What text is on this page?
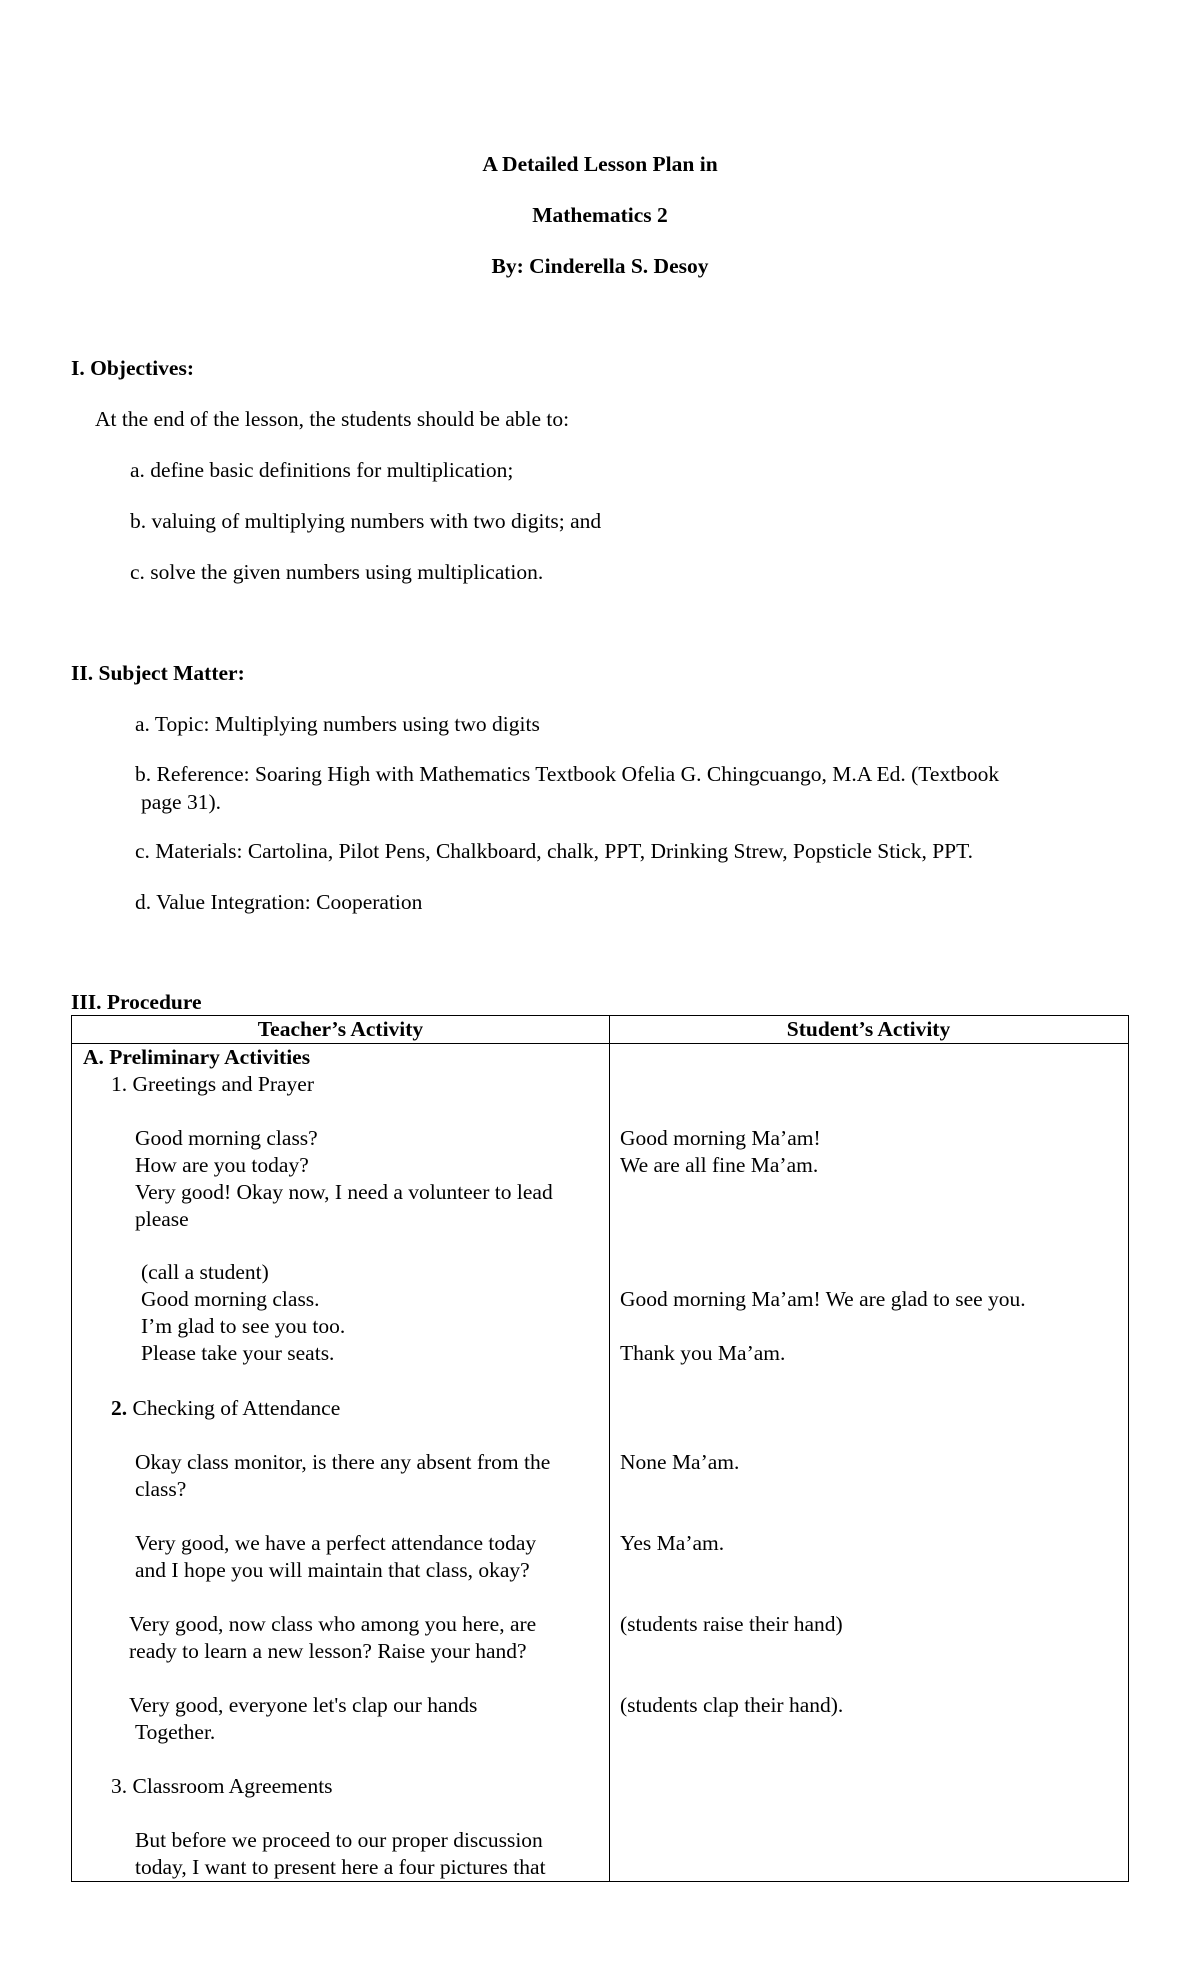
A Detailed Lesson Plan in
Mathematics 2
By: Cinderella S. Desoy
I. Objectives:
At the end of the lesson, the students should be able to:
a. define basic definitions for multiplication;
b. valuing of multiplying numbers with two digits; and
c. solve the given numbers using multiplication.
II. Subject Matter:
a. Topic: Multiplying numbers using two digits
b. Reference: Soaring High with Mathematics Textbook Ofelia G. Chingcuango, M.A Ed. (Textbook
page 31).
c. Materials: Cartolina, Pilot Pens, Chalkboard, chalk, PPT, Drinking Strew, Popsticle Stick, PPT.
d. Value Integration: Cooperation
III. Procedure
Teacher’s Activity	Student’s Activity
A. Preliminary Activities
1. Greetings and Prayer
Good morning class?
How are you today?
Very good! Okay now, I need a volunteer to lead
please
(call a student)
Good morning class.
I’m glad to see you too.
Please take your seats.
2. Checking of Attendance
Okay class monitor, is there any absent from the
class?
Very good, we have a perfect attendance today
and I hope you will maintain that class, okay?
Very good, now class who among you here, are
ready to learn a new lesson? Raise your hand?
Very good, everyone let's clap our hands
Together.
3. Classroom Agreements
But before we proceed to our proper discussion
today, I want to present here a four pictures that
Good morning Ma’am!
We are all fine Ma’am.
Good morning Ma’am! We are glad to see you.
Thank you Ma’am.
None Ma’am.
Yes Ma’am.
(students raise their hand)
(students clap their hand).
